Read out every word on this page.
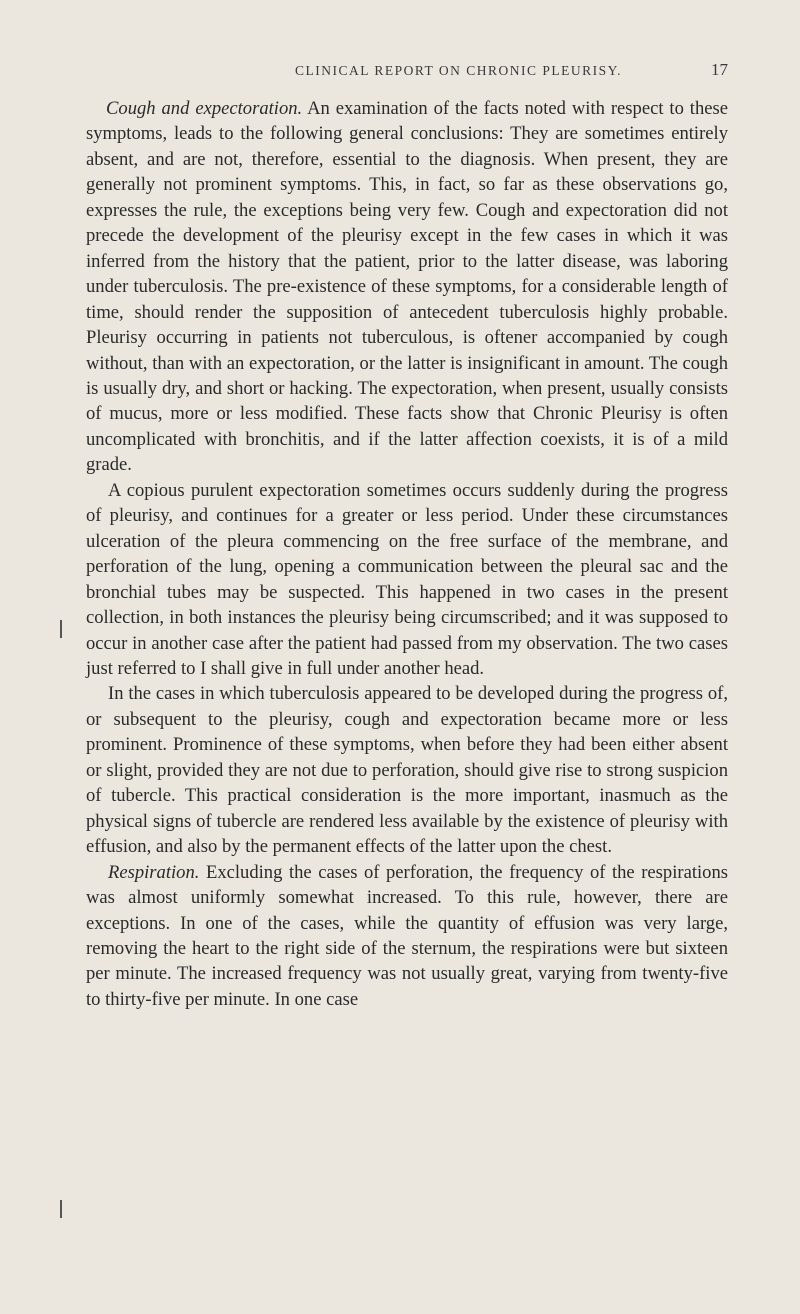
CLINICAL REPORT ON CHRONIC PLEURISY.	17

Cough and expectoration. An examination of the facts noted with respect to these symptoms, leads to the following general conclusions: They are sometimes entirely absent, and are not, therefore, essential to the diagnosis. When present, they are generally not prominent symptoms. This, in fact, so far as these observations go, expresses the rule, the exceptions being very few. Cough and expectoration did not precede the development of the pleurisy except in the few cases in which it was inferred from the history that the patient, prior to the latter disease, was laboring under tuberculosis. The pre-existence of these symptoms, for a considerable length of time, should render the supposition of antecedent tuberculosis highly probable. Pleurisy occurring in patients not tuberculous, is oftener accompanied by cough without, than with an expectoration, or the latter is insignificant in amount. The cough is usually dry, and short or hacking. The expectoration, when present, usually consists of mucus, more or less modified. These facts show that Chronic Pleurisy is often uncomplicated with bronchitis, and if the latter affection coexists, it is of a mild grade.

A copious purulent expectoration sometimes occurs suddenly during the progress of pleurisy, and continues for a greater or less period. Under these circumstances ulceration of the pleura commencing on the free surface of the membrane, and perforation of the lung, opening a communication between the pleural sac and the bronchial tubes may be suspected. This happened in two cases in the present collection, in both instances the pleurisy being circumscribed; and it was supposed to occur in another case after the patient had passed from my observation. The two cases just referred to I shall give in full under another head.

In the cases in which tuberculosis appeared to be developed during the progress of, or subsequent to the pleurisy, cough and expectoration became more or less prominent. Prominence of these symptoms, when before they had been either absent or slight, provided they are not due to perforation, should give rise to strong suspicion of tubercle. This practical consideration is the more important, inasmuch as the physical signs of tubercle are rendered less available by the existence of pleurisy with effusion, and also by the permanent effects of the latter upon the chest.

Respiration. Excluding the cases of perforation, the frequency of the respirations was almost uniformly somewhat increased. To this rule, however, there are exceptions. In one of the cases, while the quantity of effusion was very large, removing the heart to the right side of the sternum, the respirations were but sixteen per minute. The increased frequency was not usually great, varying from twenty-five to thirty-five per minute. In one case
